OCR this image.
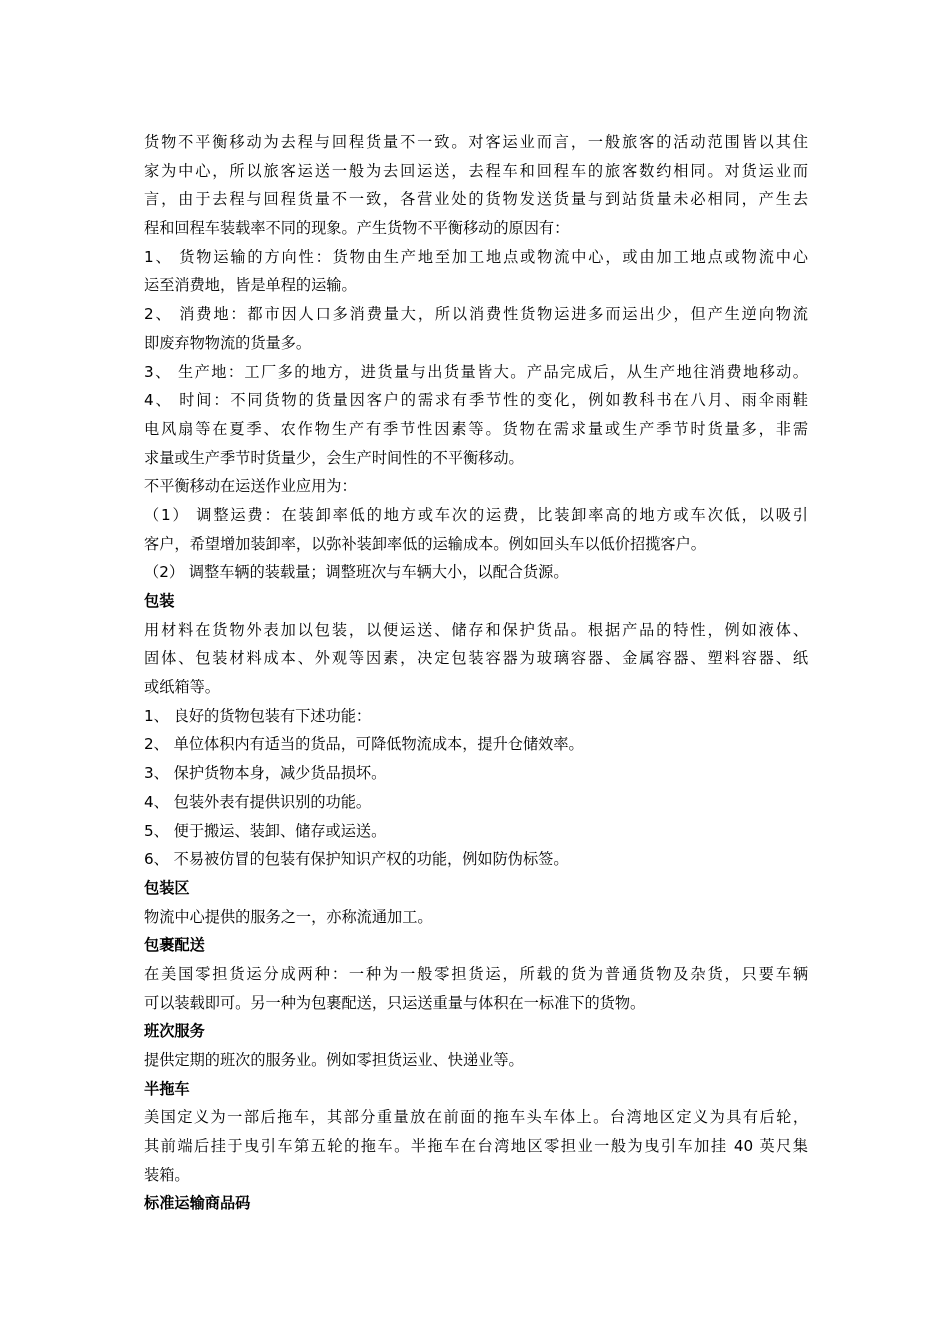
货物不平衡移动为去程与回程货量不一致。对客运业而言，一般旅客的活动范围皆以其住
家为中心，所以旅客运送一般为去回运送，去程车和回程车的旅客数约相同。对货运业而
言，由于去程与回程货量不一致，各营业处的货物发送货量与到站货量未必相同，产生去
程和回程车装载率不同的现象。产生货物不平衡移动的原因有：
1、 货物运输的方向性：货物由生产地至加工地点或物流中心，或由加工地点或物流中心
运至消费地，皆是单程的运输。
2、 消费地：都市因人口多消费量大，所以消费性货物运进多而运出少，但产生逆向物流
即废弃物物流的货量多。
3、 生产地：工厂多的地方，进货量与出货量皆大。产品完成后，从生产地往消费地移动。
4、 时间：不同货物的货量因客户的需求有季节性的变化，例如教科书在八月、雨伞雨鞋
电风扇等在夏季、农作物生产有季节性因素等。货物在需求量或生产季节时货量多，非需
求量或生产季节时货量少，会生产时间性的不平衡移动。
不平衡移动在运送作业应用为：
（1） 调整运费：在装卸率低的地方或车次的运费，比装卸率高的地方或车次低，以吸引
客户，希望增加装卸率，以弥补装卸率低的运输成本。例如回头车以低价招揽客户。
（2） 调整车辆的装载量；调整班次与车辆大小，以配合货源。
包装
用材料在货物外表加以包装，以便运送、储存和保护货品。根据产品的特性，例如液体、
固体、包装材料成本、外观等因素，决定包装容器为玻璃容器、金属容器、塑料容器、纸
或纸箱等。
1、 良好的货物包装有下述功能：
2、 单位体积内有适当的货品，可降低物流成本，提升仓储效率。
3、 保护货物本身，减少货品损坏。
4、 包装外表有提供识别的功能。
5、 便于搬运、装卸、储存或运送。
6、 不易被仿冒的包装有保护知识产权的功能，例如防伪标签。
包装区
物流中心提供的服务之一，亦称流通加工。
包裹配送
在美国零担货运分成两种：一种为一般零担货运，所载的货为普通货物及杂货，只要车辆
可以装载即可。另一种为包裹配送，只运送重量与体积在一标准下的货物。
班次服务
提供定期的班次的服务业。例如零担货运业、快递业等。
半拖车
美国定义为一部后拖车，其部分重量放在前面的拖车头车体上。台湾地区定义为具有后轮，
其前端后挂于曳引车第五轮的拖车。半拖车在台湾地区零担业一般为曳引车加挂 40 英尺集
装箱。
标准运输商品码
